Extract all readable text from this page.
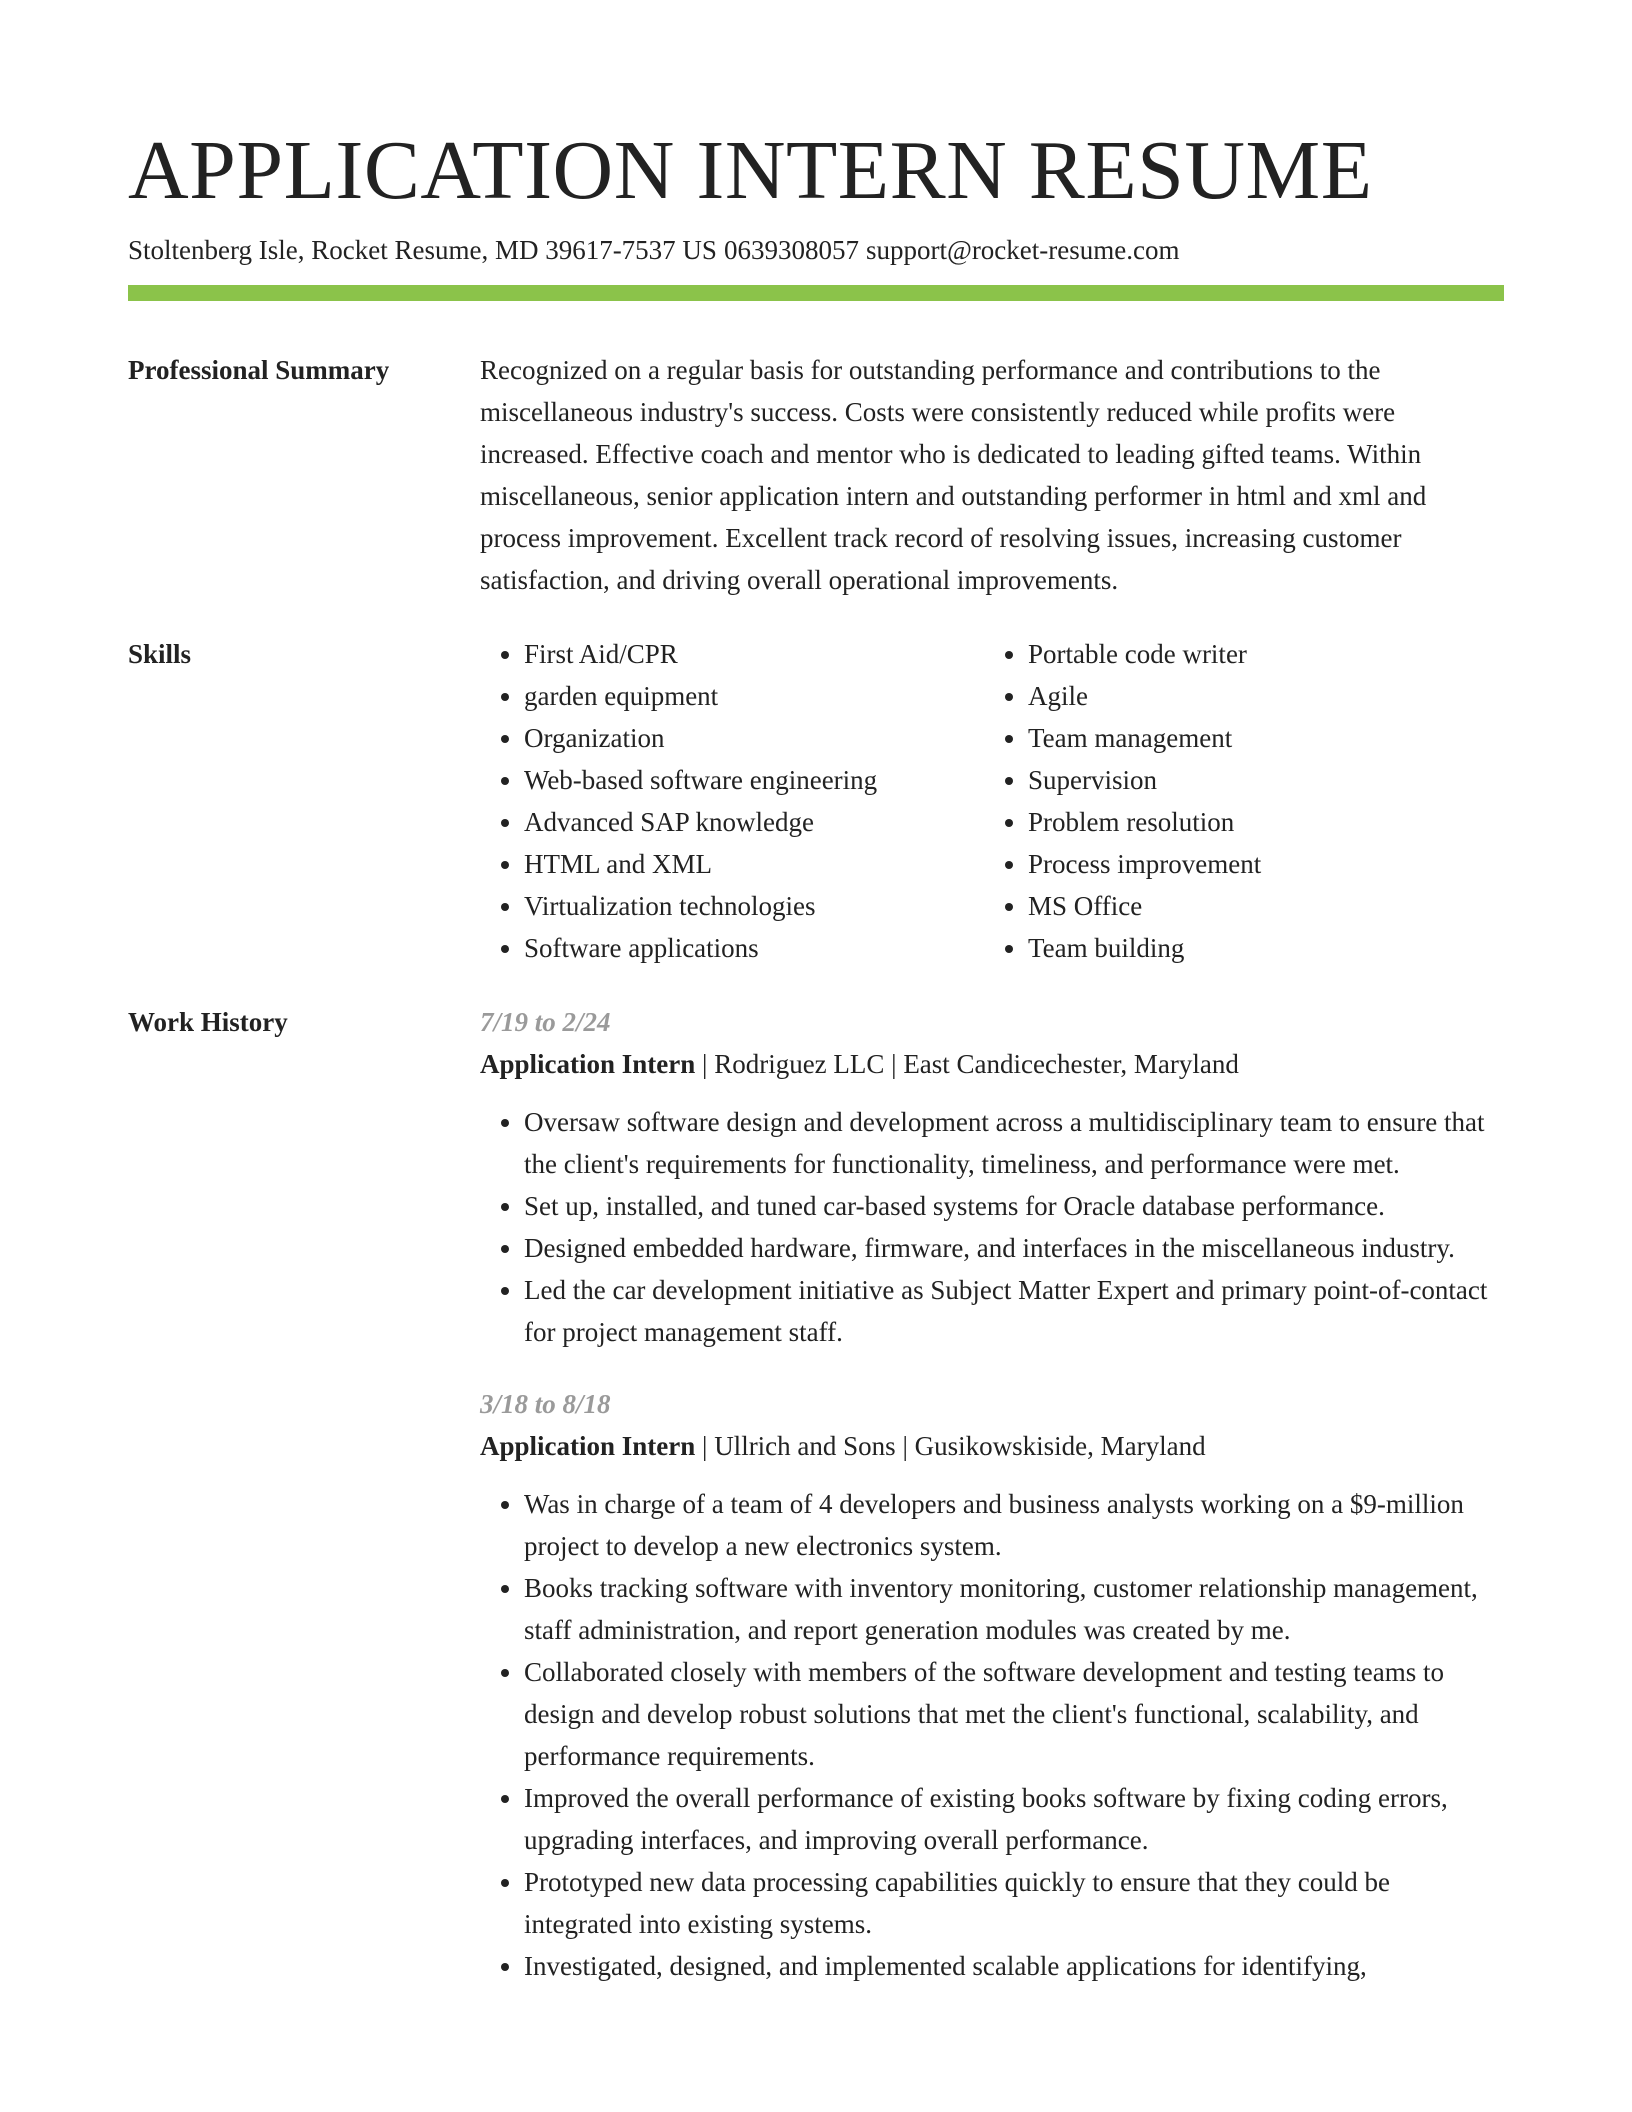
APPLICATION INTERN RESUME
Stoltenberg Isle, Rocket Resume, MD 39617-7537 US 0639308057 support@rocket-resume.com
Professional Summary	Recognized on a regular basis for outstanding performance and contributions to the miscellaneous industry's success. Costs were consistently reduced while profits were increased. Effective coach and mentor who is dedicated to leading gifted teams. Within miscellaneous, senior application intern and outstanding performer in html and xml and process improvement. Excellent track record of resolving issues, increasing customer satisfaction, and driving overall operational improvements.

Skills
•	First Aid/CPR
• garden equipment
• Organization
• Web-based software engineering
• Advanced SAP knowledge
• HTML and XML
• Virtualization technologies
• Software applications
• Portable code writer
• Agile
• Team management
• Supervision
• Problem resolution
• Process improvement
• MS Office
• Team building
Work History	7/19 to 2/24
Application Intern | Rodriguez LLC | East Candicechester, Maryland
• Oversaw software design and development across a multidisciplinary team to ensure that the client's requirements for functionality, timeliness, and performance were met.
• Set up, installed, and tuned car-based systems for Oracle database performance.
• Designed embedded hardware, firmware, and interfaces in the miscellaneous industry.
• Led the car development initiative as Subject Matter Expert and primary point-of-contact for project management staff.
3/18 to 8/18
Application Intern | Ullrich and Sons | Gusikowskiside, Maryland
• Was in charge of a team of 4 developers and business analysts working on a $9-million project to develop a new electronics system.
• Books tracking software with inventory monitoring, customer relationship management, staff administration, and report generation modules was created by me.
• Collaborated closely with members of the software development and testing teams to design and develop robust solutions that met the client's functional, scalability, and performance requirements.
• Improved the overall performance of existing books software by fixing coding errors, upgrading interfaces, and improving overall performance.
• Prototyped new data processing capabilities quickly to ensure that they could be integrated into existing systems.
• Investigated, designed, and implemented scalable applications for identifying,
